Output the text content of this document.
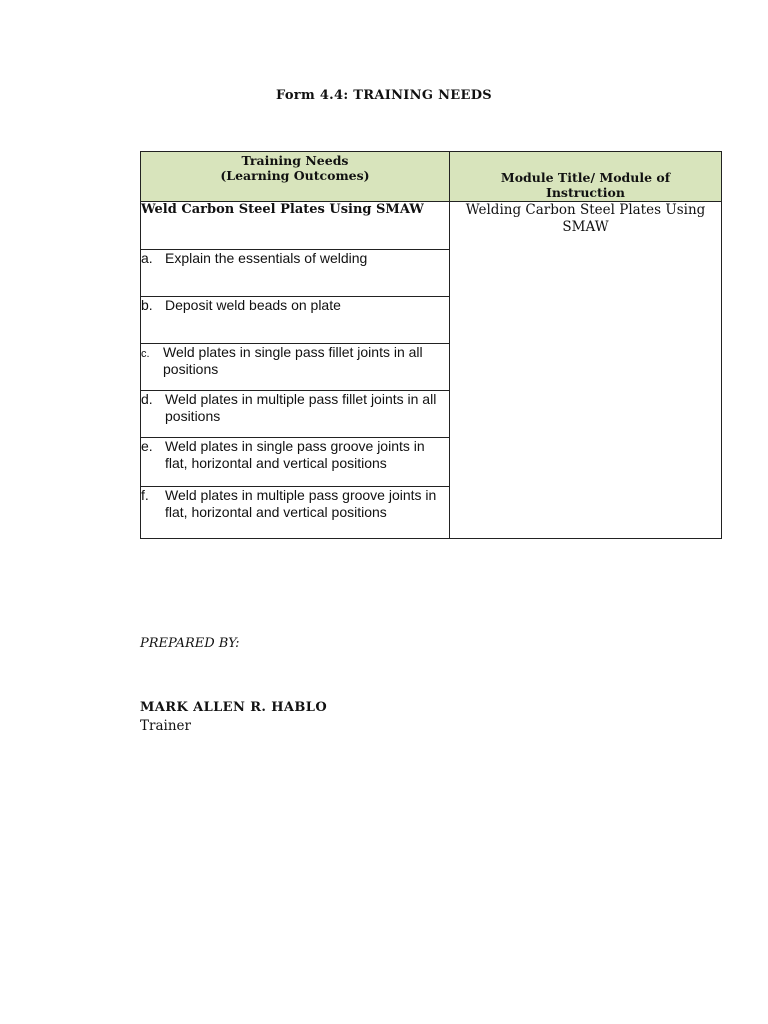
Form 4.4: TRAINING NEEDS
Training Needs
(Learning Outcomes)	Module Title/ Module of
Instruction

Weld Carbon Steel Plates Using SMAW	Welding Carbon Steel Plates Using SMAW

a. Explain the essentials of welding	

b. Deposit weld beads on plate	

c. Weld plates in single pass fillet joints in all positions	

d. Weld plates in multiple pass fillet joints in all positions	

e. Weld plates in single pass groove joints in flat, horizontal and vertical positions	

f. Weld plates in multiple pass groove joints in flat, horizontal and vertical positions	
PREPARED BY:
MARK ALLEN R. HABLO
Trainer
